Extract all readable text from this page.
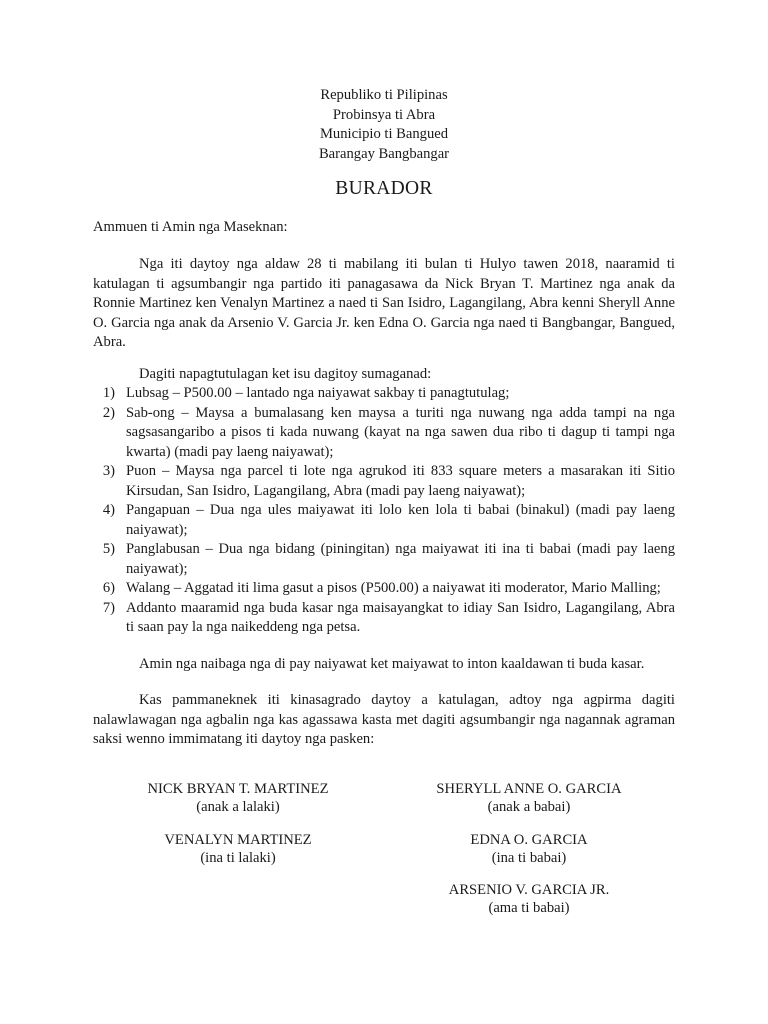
Republiko ti Pilipinas
Probinsya ti Abra
Municipio ti Bangued
Barangay Bangbangar
BURADOR
Ammuen ti Amin nga Maseknan:

Nga iti daytoy nga aldaw 28 ti mabilang iti bulan ti Hulyo tawen 2018, naaramid ti katulagan ti agsumbangir nga partido iti panagasawa da Nick Bryan T. Martinez nga anak da Ronnie Martinez ken Venalyn Martinez a naed ti San Isidro, Lagangilang, Abra kenni Sheryll Anne O. Garcia nga anak da Arsenio V. Garcia Jr. ken Edna O. Garcia nga naed ti Bangbangar, Bangued, Abra.

Dagiti napagtutulagan ket isu dagitoy sumaganad:

1) Lubsag – P500.00 – lantado nga naiyawat sakbay ti panagtutulag;
2) Sab-ong – Maysa a bumalasang ken maysa a turiti nga nuwang nga adda tampi na nga sagsasangaribo a pisos ti kada nuwang (kayat na nga sawen dua ribo ti dagup ti tampi nga kwarta) (madi pay laeng naiyawat);
3) Puon – Maysa nga parcel ti lote nga agrukod iti 833 square meters a masarakan iti Sitio Kirsudan, San Isidro, Lagangilang, Abra (madi pay laeng naiyawat);
4) Pangapuan – Dua nga ules maiyawat iti lolo ken lola ti babai (binakul) (madi pay laeng naiyawat);
5) Panglabusan – Dua nga bidang (piningitan) nga maiyawat iti ina ti babai (madi pay laeng naiyawat);
6) Walang – Aggatad iti lima gasut a pisos (P500.00) a naiyawat iti moderator, Mario Malling;
7) Addanto maaramid nga buda kasar nga maisayangkat to idiay San Isidro, Lagangilang, Abra ti saan pay la nga naikeddeng nga petsa.

Amin nga naibaga nga di pay naiyawat ket maiyawat to inton kaaldawan ti buda kasar.

Kas pammaneknek iti kinasagrado daytoy a katulagan, adtoy nga agpirma dagiti nalawlawagan nga agbalin nga kas agassawa kasta met dagiti agsumbangir nga nagannak agraman saksi wenno immimatang iti daytoy nga pasken:

NICK BRYAN T. MARTINEZ
(anak a lalaki)
SHERYLL ANNE O. GARCIA
(anak a babai)
VENALYN MARTINEZ
(ina ti lalaki)
EDNA O. GARCIA
(ina ti babai)
ARSENIO V. GARCIA JR.
(ama ti babai)
